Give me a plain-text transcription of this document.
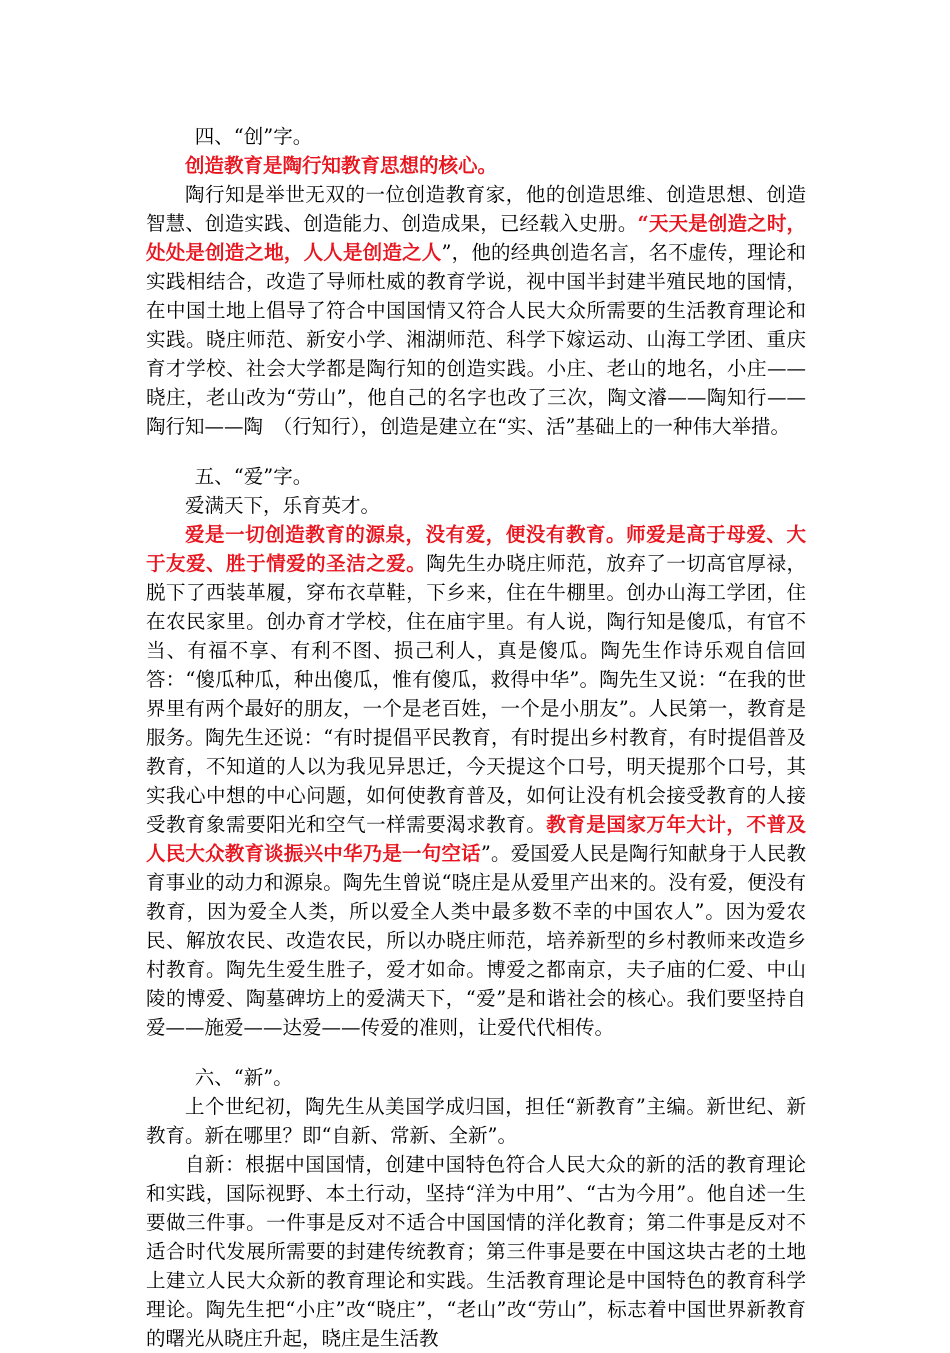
四、“创”字。

创造教育是陶行知教育思想的核心。

陶行知是举世无双的一位创造教育家，他的创造思维、创造思想、创造智慧、创造实践、创造能力、创造成果，已经载入史册。“天天是创造之时，处处是创造之地，人人是创造之人”，他的经典创造名言，名不虚传，理论和实践相结合，改造了导师杜威的教育学说，视中国半封建半殖民地的国情，在中国土地上倡导了符合中国国情又符合人民大众所需要的生活教育理论和实践。晓庄师范、新安小学、湘湖师范、科学下嫁运动、山海工学团、重庆育才学校、社会大学都是陶行知的创造实践。小庄、老山的地名，小庄——晓庄，老山改为“劳山”，他自己的名字也改了三次，陶文濬——陶知行——陶行知——陶　（行知行），创造是建立在“实、活”基础上的一种伟大举措。

五、“爱”字。

爱满天下，乐育英才。

爱是一切创造教育的源泉，没有爱，便没有教育。师爱是高于母爱、大于友爱、胜于情爱的圣洁之爱。陶先生办晓庄师范，放弃了一切高官厚禄，脱下了西装革履，穿布衣草鞋，下乡来，住在牛棚里。创办山海工学团，住在农民家里。创办育才学校，住在庙宇里。有人说，陶行知是傻瓜，有官不当、有福不享、有利不图、损己利人，真是傻瓜。陶先生作诗乐观自信回答：“傻瓜种瓜，种出傻瓜，惟有傻瓜，救得中华”。陶先生又说：“在我的世界里有两个最好的朋友，一个是老百姓，一个是小朋友”。人民第一，教育是服务。陶先生还说：“有时提倡平民教育，有时提出乡村教育，有时提倡普及教育，不知道的人以为我见异思迁，今天提这个口号，明天提那个口号，其实我心中想的中心问题，如何使教育普及，如何让没有机会接受教育的人接受教育象需要阳光和空气一样需要渴求教育。教育是国家万年大计，不普及人民大众教育谈振兴中华乃是一句空话”。爱国爱人民是陶行知献身于人民教育事业的动力和源泉。陶先生曾说“晓庄是从爱里产出来的。没有爱，便没有教育，因为爱全人类，所以爱全人类中最多数不幸的中国农人”。因为爱农民、解放农民、改造农民，所以办晓庄师范，培养新型的乡村教师来改造乡村教育。陶先生爱生胜子，爱才如命。博爱之都南京，夫子庙的仁爱、中山陵的博爱、陶墓碑坊上的爱满天下，“爱”是和谐社会的核心。我们要坚持自爱——施爱——达爱——传爱的准则，让爱代代相传。

六、“新”。

上个世纪初，陶先生从美国学成归国，担任“新教育”主编。新世纪、新教育。新在哪里？即“自新、常新、全新”。

自新：根据中国国情，创建中国特色符合人民大众的新的活的教育理论和实践，国际视野、本土行动，坚持“洋为中用”、“古为今用”。他自述一生要做三件事。一件事是反对不适合中国国情的洋化教育；第二件事是反对不适合时代发展所需要的封建传统教育；第三件事是要在中国这块古老的土地上建立人民大众新的教育理论和实践。生活教育理论是中国特色的教育科学理论。陶先生把“小庄”改“晓庄”，“老山”改“劳山”，标志着中国世界新教育的曙光从晓庄升起，晓庄是生活教
